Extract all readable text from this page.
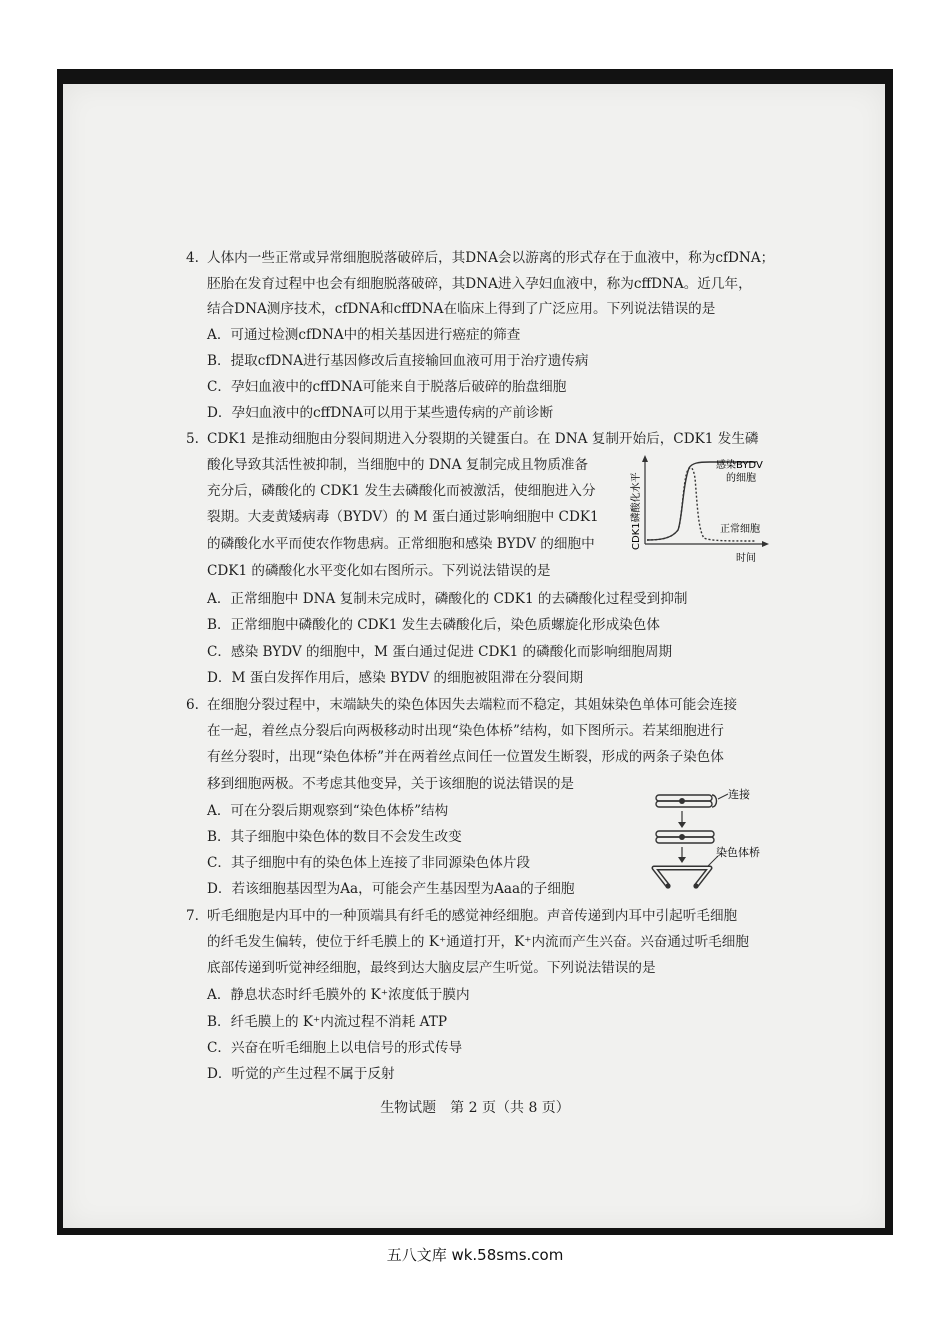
4. 人体内一些正常或异常细胞脱落破碎后，其DNA会以游离的形式存在于血液中，称为cfDNA；
胚胎在发育过程中也会有细胞脱落破碎，其DNA进入孕妇血液中，称为cffDNA。近几年，
结合DNA测序技术，cfDNA和cffDNA在临床上得到了广泛应用。下列说法错误的是
A．可通过检测cfDNA中的相关基因进行癌症的筛查
B．提取cfDNA进行基因修改后直接输回血液可用于治疗遗传病
C．孕妇血液中的cffDNA可能来自于脱落后破碎的胎盘细胞
D．孕妇血液中的cffDNA可以用于某些遗传病的产前诊断
5. CDK1 是推动细胞由分裂间期进入分裂期的关键蛋白。在 DNA 复制开始后，CDK1 发生磷
酸化导致其活性被抑制，当细胞中的 DNA 复制完成且物质准备
充分后，磷酸化的 CDK1 发生去磷酸化而被激活，使细胞进入分
裂期。大麦黄矮病毒（BYDV）的 M 蛋白通过影响细胞中 CDK1
的磷酸化水平而使农作物患病。正常细胞和感染 BYDV 的细胞中
CDK1 的磷酸化水平变化如右图所示。下列说法错误的是
CDK1磷酸化水平
感染BYDV
的细胞
正常细胞
时间
A．正常细胞中 DNA 复制未完成时，磷酸化的 CDK1 的去磷酸化过程受到抑制
B．正常细胞中磷酸化的 CDK1 发生去磷酸化后，染色质螺旋化形成染色体
C．感染 BYDV 的细胞中，M 蛋白通过促进 CDK1 的磷酸化而影响细胞周期
D．M 蛋白发挥作用后，感染 BYDV 的细胞被阻滞在分裂间期
6. 在细胞分裂过程中，末端缺失的染色体因失去端粒而不稳定，其姐妹染色单体可能会连接
在一起，着丝点分裂后向两极移动时出现“染色体桥”结构，如下图所示。若某细胞进行
有丝分裂时，出现“染色体桥”并在两着丝点间任一位置发生断裂，形成的两条子染色体
移到细胞两极。不考虑其他变异，关于该细胞的说法错误的是
A．可在分裂后期观察到“染色体桥”结构
B．其子细胞中染色体的数目不会发生改变
C．其子细胞中有的染色体上连接了非同源染色体片段
D．若该细胞基因型为Aa，可能会产生基因型为Aaa的子细胞
连接
染色体桥
7. 听毛细胞是内耳中的一种顶端具有纤毛的感觉神经细胞。声音传递到内耳中引起听毛细胞
的纤毛发生偏转，使位于纤毛膜上的 K⁺通道打开，K⁺内流而产生兴奋。兴奋通过听毛细胞
底部传递到听觉神经细胞，最终到达大脑皮层产生听觉。下列说法错误的是
A．静息状态时纤毛膜外的 K⁺浓度低于膜内
B．纤毛膜上的 K⁺内流过程不消耗 ATP
C．兴奋在听毛细胞上以电信号的形式传导
D．听觉的产生过程不属于反射
生物试题　第 2 页（共 8 页）
五八文库 wk.58sms.com
